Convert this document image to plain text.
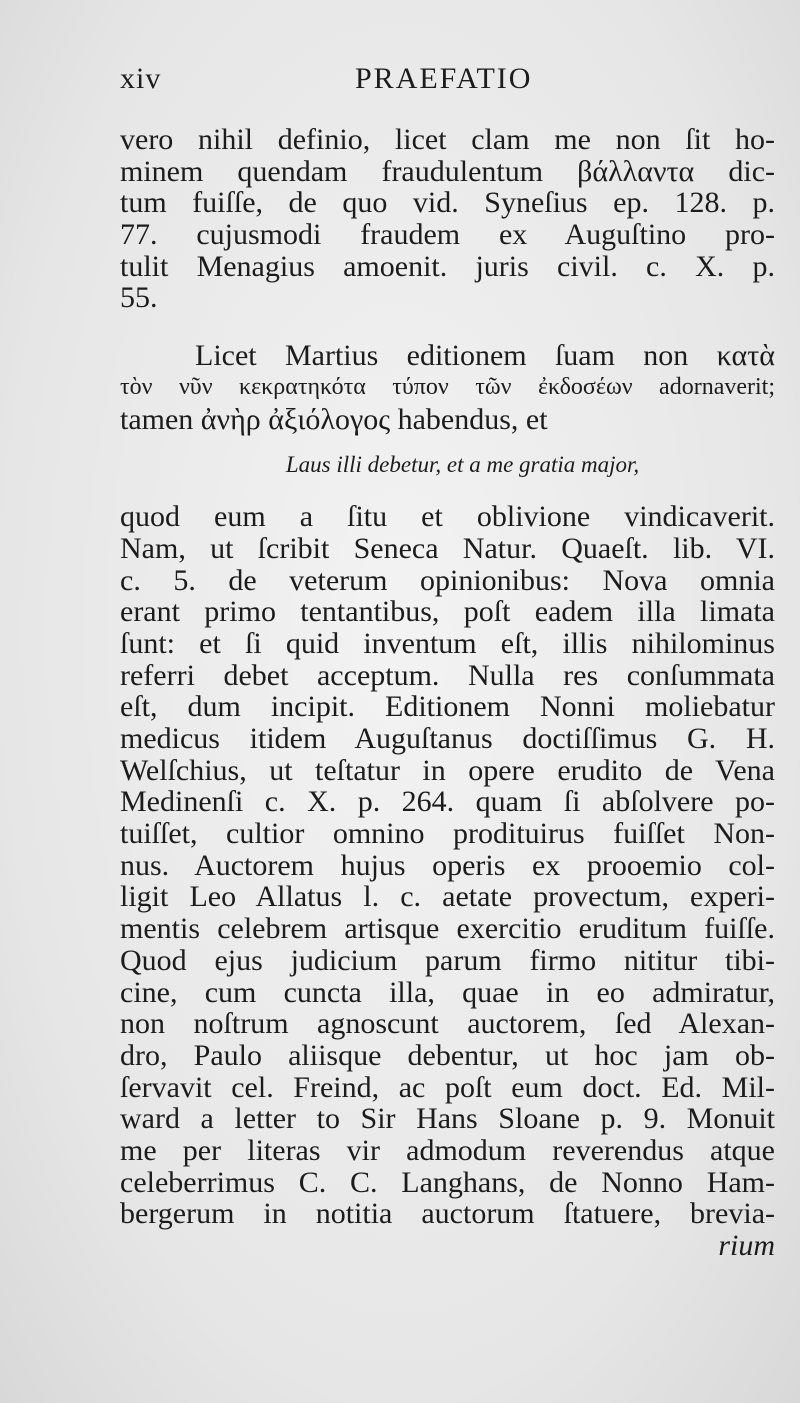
xiv	PRAEFATIO
vero nihil definio, licet clam me non ſit ho-
minem quendam fraudulentum βάλλαντα dic-
tum fuiſſe, de quo vid. Syneſius ep. 128. p.
77. cujusmodi fraudem ex Auguſtino pro-
tulit Menagius amoenit. juris civil. c. X. p.
55.
Licet Martius editionem ſuam non κατὰ
τὸν νῦν κεκρατηκότα τύπον τῶν ἐκδοσέων adornaverit;
tamen ἀνὴρ ἀξιόλογος habendus, et
Laus illi debetur, et a me gratia major,
quod eum a ſitu et oblivione vindicaverit.
Nam, ut ſcribit Seneca Natur. Quaeſt. lib. VI.
c. 5. de veterum opinionibus: Nova omnia
erant primo tentantibus, poſt eadem illa limata
ſunt: et ſi quid inventum eſt, illis nihilominus
referri debet acceptum. Nulla res conſummata
eſt, dum incipit. Editionem Nonni moliebatur
medicus itidem Auguſtanus doctiſſimus G. H.
Welſchius, ut teſtatur in opere erudito de Vena
Medinenſi c. X. p. 264. quam ſi abſolvere po-
tuiſſet, cultior omnino prodituirus fuiſſet Non-
nus. Auctorem hujus operis ex prooemio col-
ligit Leo Allatus l. c. aetate provectum, experi-
mentis celebrem artisque exercitio eruditum fuiſſe.
Quod ejus judicium parum firmo nititur tibi-
cine, cum cuncta illa, quae in eo admiratur,
non noſtrum agnoscunt auctorem, ſed Alexan-
dro, Paulo aliisque debentur, ut hoc jam ob-
ſervavit cel. Freind, ac poſt eum doct. Ed. Mil-
ward a letter to Sir Hans Sloane p. 9. Monuit
me per literas vir admodum reverendus atque
celeberrimus C. C. Langhans, de Nonno Ham-
bergerum in notitia auctorum ſtatuere, brevia-
rium
